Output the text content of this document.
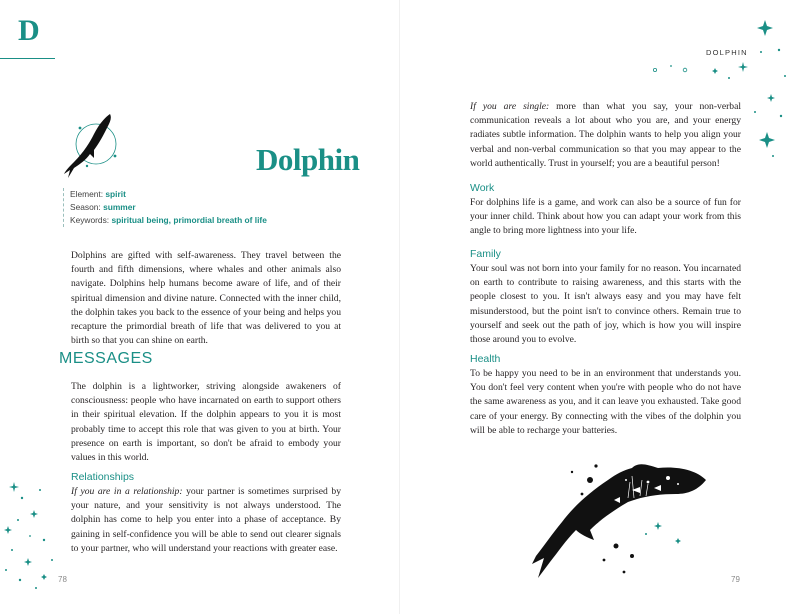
D
Dolphin
Element: spirit
Season: summer
Keywords: spiritual being, primordial breath of life
Dolphins are gifted with self-awareness. They travel between the fourth and fifth dimensions, where whales and other animals also navigate. Dolphins help humans become aware of life, and of their spiritual dimension and divine nature. Connected with the inner child, the dolphin takes you back to the essence of your being and helps you recapture the primordial breath of life that was delivered to you at birth so that you can shine on earth.
MESSAGES
The dolphin is a lightworker, striving alongside awakeners of consciousness: people who have incarnated on earth to support others in their spiritual elevation. If the dolphin appears to you it is most probably time to accept this role that was given to you at birth. Your presence on earth is important, so don't be afraid to embody your values in this world.
Relationships
If you are in a relationship: your partner is sometimes surprised by your nature, and your sensitivity is not always understood. The dolphin has come to help you enter into a phase of acceptance. By gaining in self-confidence you will be able to send out clearer signals to your partner, who will understand your reactions with greater ease.
78
DOLPHIN
If you are single: more than what you say, your non-verbal communication reveals a lot about who you are, and your energy radiates subtle information. The dolphin wants to help you align your verbal and non-verbal communication so that you may appear to the world authentically. Trust in yourself; you are a beautiful person!
Work
For dolphins life is a game, and work can also be a source of fun for your inner child. Think about how you can adapt your work from this angle to bring more lightness into your life.
Family
Your soul was not born into your family for no reason. You incarnated on earth to contribute to raising awareness, and this starts with the people closest to you. It isn't always easy and you may have felt misunderstood, but the point isn't to convince others. Remain true to yourself and seek out the path of joy, which is how you will inspire those around you to evolve.
Health
To be happy you need to be in an environment that understands you. You don't feel very content when you're with people who do not have the same awareness as you, and it can leave you exhausted. Take good care of your energy. By connecting with the vibes of the dolphin you will be able to recharge your batteries.
79
